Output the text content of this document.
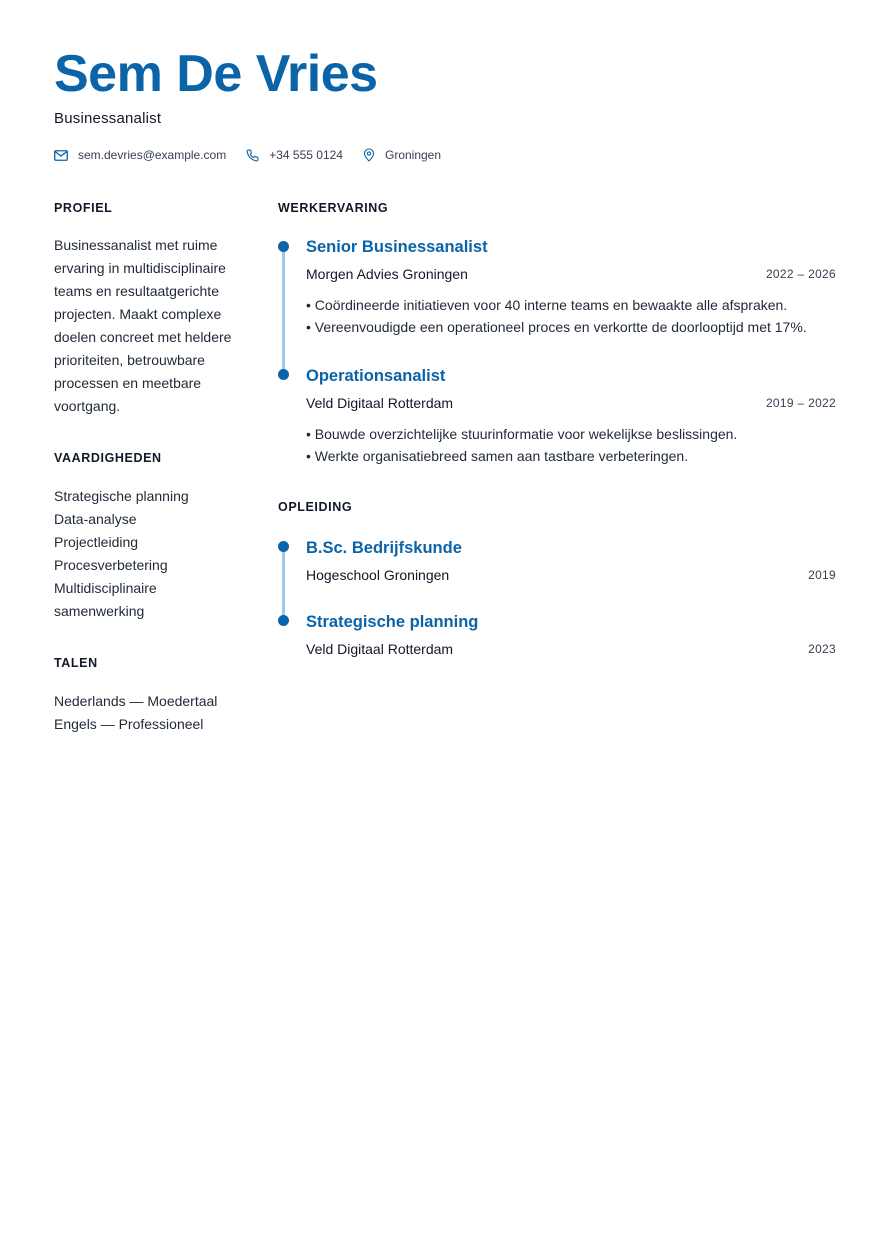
Sem De Vries

Businessanalist

sem.devries@example.com	+34 555 0124	Groningen
PROFIEL

Businessanalist met ruime ervaring in multidisciplinaire teams en resultaatgerichte projecten. Maakt complexe doelen concreet met heldere prioriteiten, betrouwbare processen en meetbare voortgang.

VAARDIGHEDEN
Strategische planning
Data-analyse
Projectleiding
Procesverbetering
Multidisciplinaire samenwerking
TALEN
Nederlands — Moedertaal
Engels — Professioneel
WERKERVARING
Senior Businessanalist

Morgen Advies Groningen	2022 – 2026

• Coördineerde initiatieven voor 40 interne teams en bewaakte alle afspraken.
• Vereenvoudigde een operationeel proces en verkortte de doorlooptijd met 17%.
Operationsanalist

Veld Digitaal Rotterdam	2019 – 2022

• Bouwde overzichtelijke stuurinformatie voor wekelijkse beslissingen.
• Werkte organisatiebreed samen aan tastbare verbeteringen.
OPLEIDING
B.Sc. Bedrijfskunde

Hogeschool Groningen	2019

Strategische planning

Veld Digitaal Rotterdam	2023
